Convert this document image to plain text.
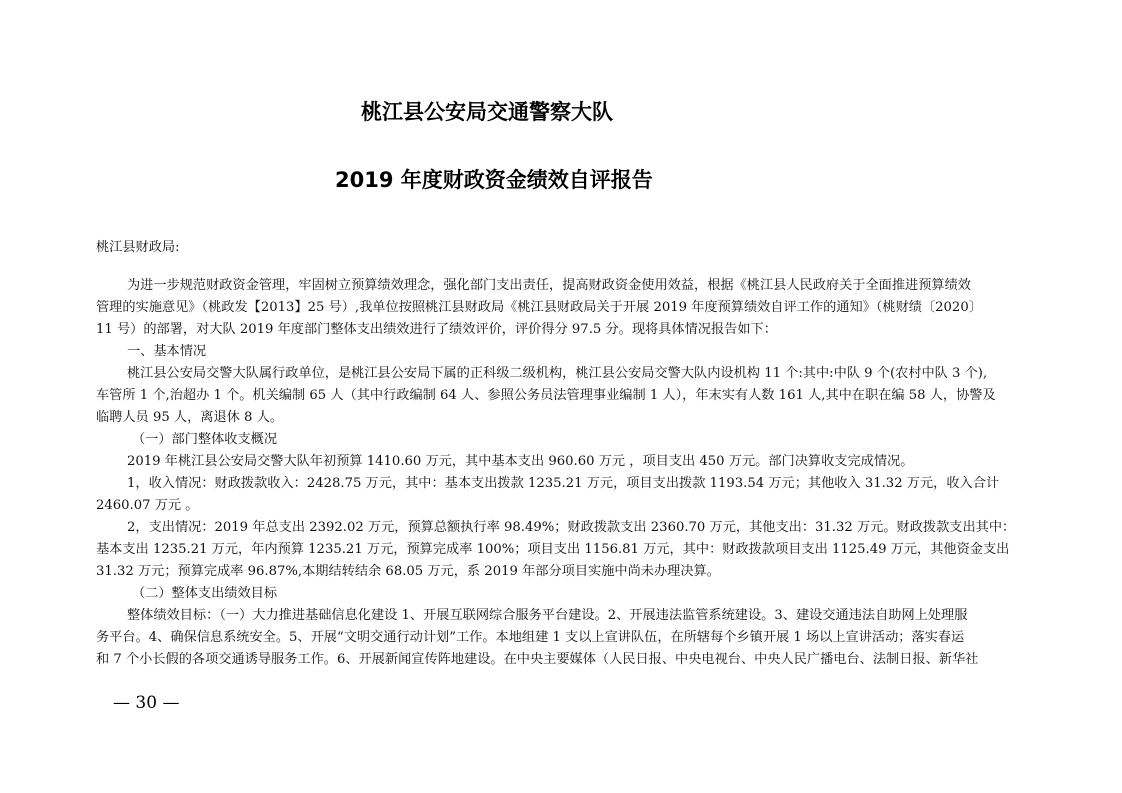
桃江县公安局交通警察大队
2019 年度财政资金绩效自评报告
桃江县财政局:
为进一步规范财政资金管理，牢固树立预算绩效理念，强化部门支出责任，提高财政资金使用效益，根据《桃江县人民政府关于全面推进预算绩效
管理的实施意见》（桃政发【2013】25 号）,我单位按照桃江县财政局《桃江县财政局关于开展 2019 年度预算绩效自评工作的通知》（桃财绩〔2020〕
11 号）的部署，对大队 2019 年度部门整体支出绩效进行了绩效评价，评价得分 97.5 分。现将具体情况报告如下：
一、基本情况
桃江县公安局交警大队属行政单位，是桃江县公安局下属的正科级二级机构，桃江县公安局交警大队内设机构 11 个:其中:中队 9 个(农村中队 3 个),
车管所 1 个,治超办 1 个。机关编制 65 人（其中行政编制 64 人、参照公务员法管理事业编制 1 人），年末实有人数 161 人,其中在职在编 58 人，协警及
临聘人员 95 人，离退休 8 人。
（一）部门整体收支概况
2019 年桃江县公安局交警大队年初预算 1410.60 万元，其中基本支出 960.60 万元 ，项目支出 450 万元。部门决算收支完成情况。
1，收入情况：财政拨款收入：2428.75 万元，其中：基本支出拨款 1235.21 万元，项目支出拨款 1193.54 万元；其他收入 31.32 万元，收入合计
2460.07 万元 。
2，支出情况：2019 年总支出 2392.02 万元，预算总额执行率 98.49%；财政拨款支出 2360.70 万元，其他支出：31.32 万元。财政拨款支出其中：
基本支出 1235.21 万元，年内预算 1235.21 万元，预算完成率 100%；项目支出 1156.81 万元，其中：财政拨款项目支出 1125.49 万元，其他资金支出
31.32 万元；预算完成率 96.87%,本期结转结余 68.05 万元，系 2019 年部分项目实施中尚未办理决算。
（二）整体支出绩效目标
整体绩效目标：（一）大力推进基础信息化建设 1、开展互联网综合服务平台建设。2、开展违法监管系统建设。3、建设交通违法自助网上处理服
务平台。4、确保信息系统安全。5、开展“文明交通行动计划”工作。本地组建 1 支以上宣讲队伍，在所辖每个乡镇开展 1 场以上宣讲活动；落实春运
和 7 个小长假的各项交通诱导服务工作。6、开展新闻宣传阵地建设。在中央主要媒体（人民日报、中央电视台、中央人民广播电台、法制日报、新华社
— 30 —
